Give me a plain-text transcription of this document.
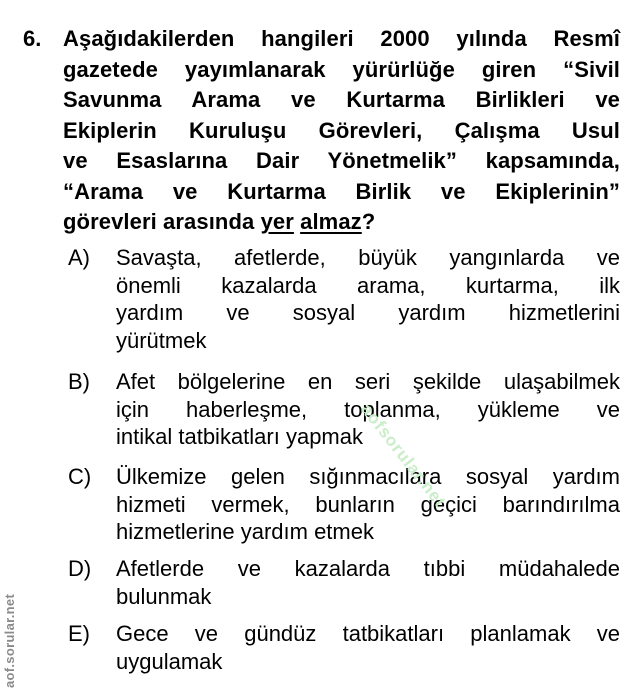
6. Aşağıdakilerden hangileri 2000 yılında Resmî
gazetede yayımlanarak yürürlüğe giren “Sivil
Savunma Arama ve Kurtarma Birlikleri ve
Ekiplerin Kuruluşu Görevleri, Çalışma Usul
ve Esaslarına Dair Yönetmelik” kapsamında,
“Arama ve Kurtarma Birlik ve Ekiplerinin”
görevleri arasında yer almaz?
A) Savaşta, afetlerde, büyük yangınlarda ve
önemli kazalarda arama, kurtarma, ilk
yardım ve sosyal yardım hizmetlerini
yürütmek
B) Afet bölgelerine en seri şekilde ulaşabilmek
için haberleşme, toplanma, yükleme ve
intikal tatbikatları yapmak
C) Ülkemize gelen sığınmacılara sosyal yardım
hizmeti vermek, bunların geçici barındırılma
hizmetlerine yardım etmek
D) Afetlerde ve kazalarda tıbbi müdahalede
bulunmak
E) Gece ve gündüz tatbikatları planlamak ve
uygulamak
aofsorular.net
aof.sorular.net
